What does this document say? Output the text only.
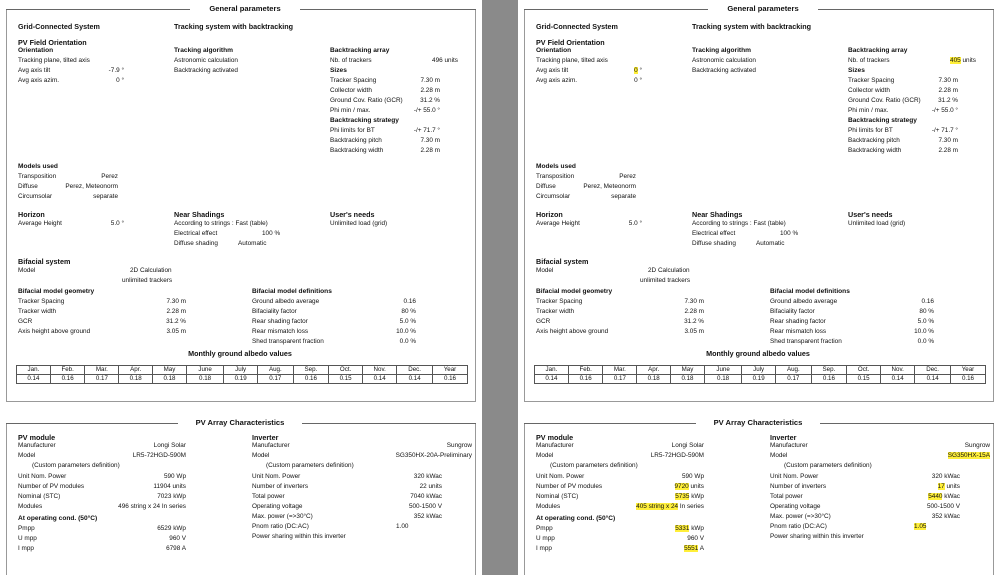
General parameters
Grid-Connected System	Tracking system with backtracking
PV Field Orientation
Orientation
Tracking plane, tilted axis
Avg axis tilt	-7.9 °
Avg axis azim.	0 °
Tracking algorithm
Astronomic calculation
Backtracking activated
Backtracking array
Nb. of trackers	496 units
Sizes
Tracker Spacing	7.30 m
Collector width	2.28 m
Ground Cov. Ratio (GCR)	31.2 %
Phi min / max.	-/+ 55.0 °
Backtracking strategy
Phi limits for BT	-/+ 71.7 °
Backtracking pitch	7.30 m
Backtracking width	2.28 m
Models used
Transposition	Perez
Diffuse	Perez, Meteonorm
Circumsolar	separate
Horizon
Average Height	5.0 °
Near Shadings
According to strings : Fast (table)
Electrical effect	100 %
Diffuse shading	Automatic
User's needs
Unlimited load (grid)
Bifacial system
Model	2D Calculation
unlimited trackers
Bifacial model geometry
Tracker Spacing	7.30 m
Tracker width	2.28 m
GCR	31.2 %
Axis height above ground	3.05 m
Bifacial model definitions
Ground albedo average	0.16
Bifaciality factor	80 %
Rear shading factor	5.0 %
Rear mismatch loss	10.0 %
Shed transparent fraction	0.0 %
Monthly ground albedo values
Jan.	Feb.	Mar.	Apr.	May	June	July	Aug.	Sep.	Oct.	Nov.	Dec.	Year
0.14	0.16	0.17	0.18	0.18	0.18	0.19	0.17	0.16	0.15	0.14	0.14	0.16
PV Array Characteristics
PV module
Manufacturer	Longi Solar
Model	LR5-72HGD-590M
(Custom parameters definition)
Unit Nom. Power	590 Wp
Number of PV modules	11904 units
Nominal (STC)	7023 kWp
Modules	496 string x 24 In series
At operating cond. (50°C)
Pmpp	6529 kWp
U mpp	960 V
I mpp	6798 A
Inverter
Manufacturer	Sungrow
Model	SG350HX-20A-Preliminary
(Custom parameters definition)
Unit Nom. Power	320 kWac
Number of inverters	22 units
Total power	7040 kWac
Operating voltage	500-1500 V
Max. power (=>30°C)	352 kWac
Pnom ratio (DC:AC)	1.00
Power sharing within this inverter
General parameters
Grid-Connected System	Tracking system with backtracking
PV Field Orientation
Orientation
Tracking plane, tilted axis
Avg axis tilt	0 °
Avg axis azim.	0 °
Tracking algorithm
Astronomic calculation
Backtracking activated
Backtracking array
Nb. of trackers	405 units
Sizes
Tracker Spacing	7.30 m
Collector width	2.28 m
Ground Cov. Ratio (GCR)	31.2 %
Phi min / max.	-/+ 55.0 °
Backtracking strategy
Phi limits for BT	-/+ 71.7 °
Backtracking pitch	7.30 m
Backtracking width	2.28 m
Models used
Transposition	Perez
Diffuse	Perez, Meteonorm
Circumsolar	separate
Horizon
Average Height	5.0 °
Near Shadings
According to strings : Fast (table)
Electrical effect	100 %
Diffuse shading	Automatic
User's needs
Unlimited load (grid)
Bifacial system
Model	2D Calculation
unlimited trackers
Bifacial model geometry
Tracker Spacing	7.30 m
Tracker width	2.28 m
GCR	31.2 %
Axis height above ground	3.05 m
Bifacial model definitions
Ground albedo average	0.16
Bifaciality factor	80 %
Rear shading factor	5.0 %
Rear mismatch loss	10.0 %
Shed transparent fraction	0.0 %
Monthly ground albedo values
Jan.	Feb.	Mar.	Apr.	May	June	July	Aug.	Sep.	Oct.	Nov.	Dec.	Year
0.14	0.16	0.17	0.18	0.18	0.18	0.19	0.17	0.16	0.15	0.14	0.14	0.16
PV Array Characteristics
PV module
Manufacturer	Longi Solar
Model	LR5-72HGD-590M
(Custom parameters definition)
Unit Nom. Power	590 Wp
Number of PV modules	9720 units
Nominal (STC)	5735 kWp
Modules	405 string x 24 In series
At operating cond. (50°C)
Pmpp	5331 kWp
U mpp	960 V
I mpp	5551 A
Inverter
Manufacturer	Sungrow
Model	SG350HX-15A
(Custom parameters definition)
Unit Nom. Power	320 kWac
Number of inverters	17 units
Total power	5440 kWac
Operating voltage	500-1500 V
Max. power (=>30°C)	352 kWac
Pnom ratio (DC:AC)	1.05
Power sharing within this inverter
